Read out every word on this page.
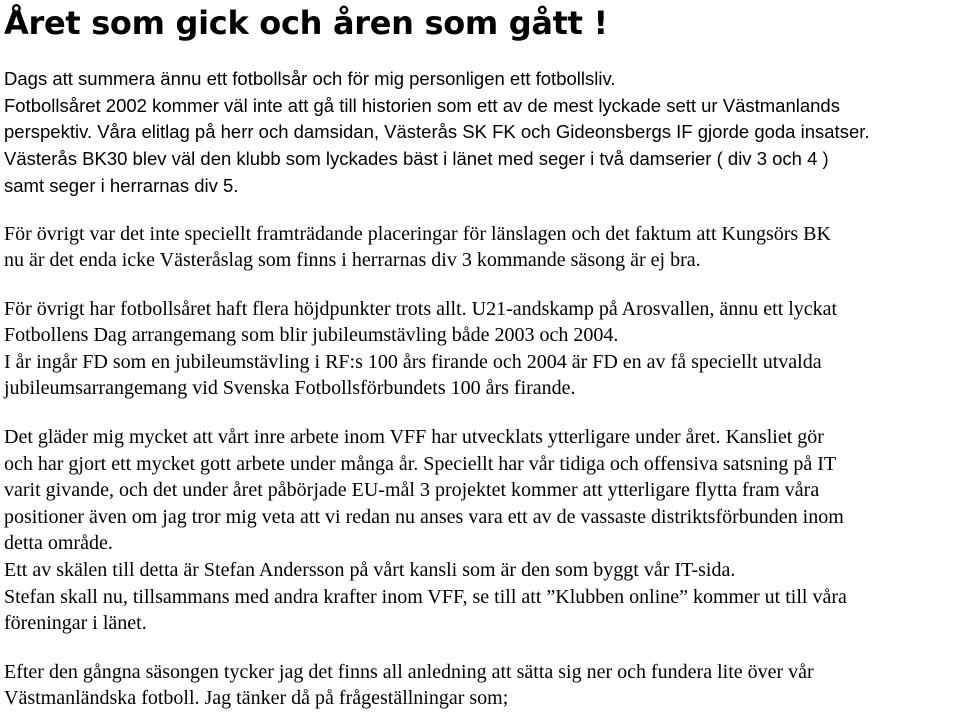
Året som gick och åren som gått !
Dags att summera ännu ett fotbollsår och för mig personligen ett fotbollsliv.
Fotbollsåret 2002 kommer väl inte att gå till historien som ett av de mest lyckade sett ur Västmanlands
perspektiv. Våra elitlag på herr och damsidan, Västerås SK FK och Gideonsbergs IF gjorde goda insatser.
Västerås BK30 blev väl den klubb som lyckades bäst i länet med seger i två damserier ( div 3 och 4 )
samt seger i herrarnas div 5.
För övrigt var det inte speciellt framträdande placeringar för länslagen och det faktum att Kungsörs BK
nu är det enda icke Västeråslag som finns i herrarnas div 3 kommande säsong är ej bra.
För övrigt har fotbollsåret haft flera höjdpunkter trots allt. U21-andskamp på Arosvallen, ännu ett lyckat
Fotbollens Dag arrangemang som blir jubileumstävling både 2003 och 2004.
I år ingår FD som en jubileumstävling i RF:s 100 års firande och 2004 är FD en av få speciellt utvalda
jubileumsarrangemang vid Svenska Fotbollsförbundets 100 års firande.
Det gläder mig mycket att vårt inre arbete inom VFF har utvecklats ytterligare under året. Kansliet gör
och har gjort ett mycket gott arbete under många år. Speciellt har vår tidiga och offensiva satsning på IT
varit givande, och det under året påbörjade EU-mål 3 projektet kommer att ytterligare flytta fram våra
positioner även om jag tror mig veta att vi redan nu anses vara ett av de vassaste distriktsförbunden inom
detta område.
Ett av skälen till detta är Stefan Andersson på vårt kansli som är den som byggt vår IT-sida.
Stefan skall nu, tillsammans med andra krafter inom VFF, se till att ”Klubben online” kommer ut till våra
föreningar i länet.
Efter den gångna säsongen tycker jag det finns all anledning att sätta sig ner och fundera lite över vår
Västmanländska fotboll. Jag tänker då på frågeställningar som;
